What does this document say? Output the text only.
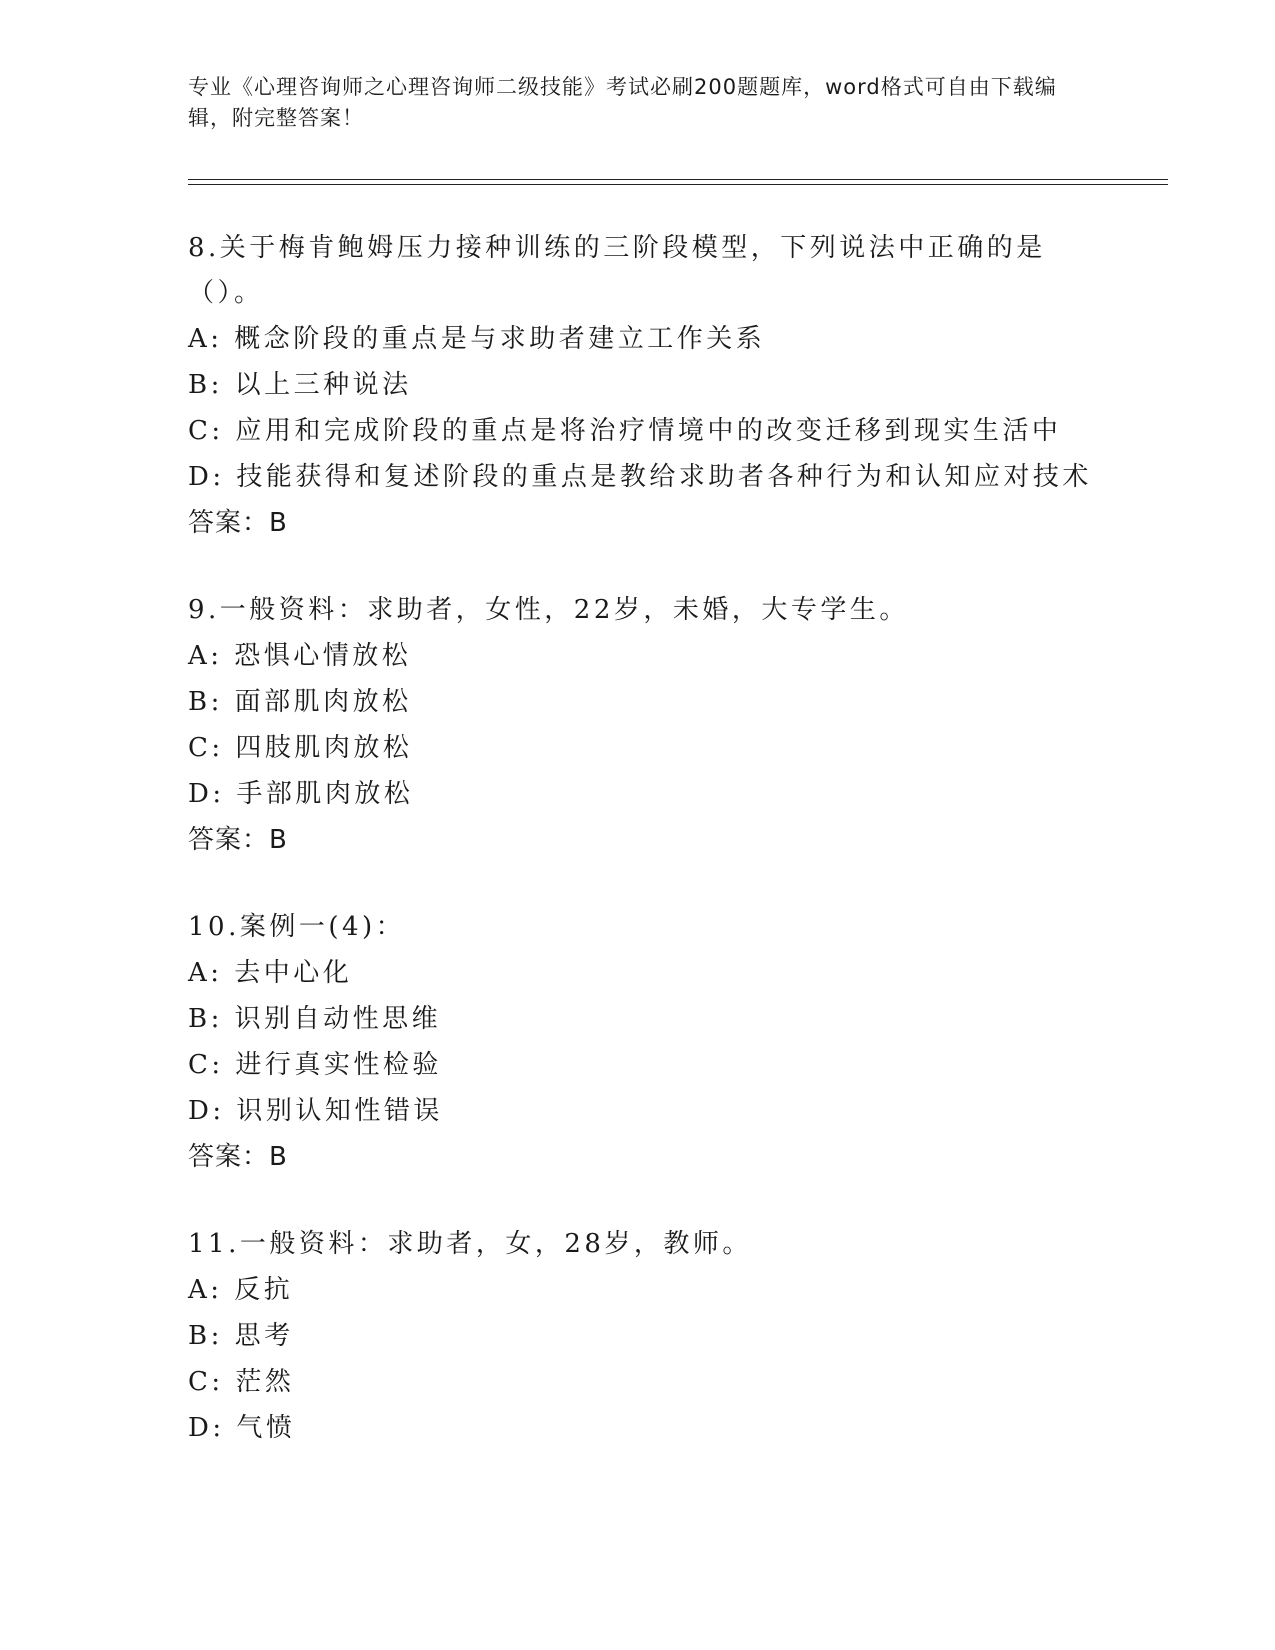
专业《心理咨询师之心理咨询师二级技能》考试必刷200题题库，word格式可自由下载编辑，附完整答案！
8.关于梅肯鲍姆压力接种训练的三阶段模型，下列说法中正确的是（）。
A: 概念阶段的重点是与求助者建立工作关系
B: 以上三种说法
C: 应用和完成阶段的重点是将治疗情境中的改变迁移到现实生活中
D: 技能获得和复述阶段的重点是教给求助者各种行为和认知应对技术
答案：B
9.一般资料：求助者，女性，22岁，未婚，大专学生。
A: 恐惧心情放松
B: 面部肌肉放松
C: 四肢肌肉放松
D: 手部肌肉放松
答案：B
10.案例一(4)：
A: 去中心化
B: 识别自动性思维
C: 进行真实性检验
D: 识别认知性错误
答案：B
11.一般资料：求助者，女，28岁，教师。
A: 反抗
B: 思考
C: 茫然
D: 气愤
